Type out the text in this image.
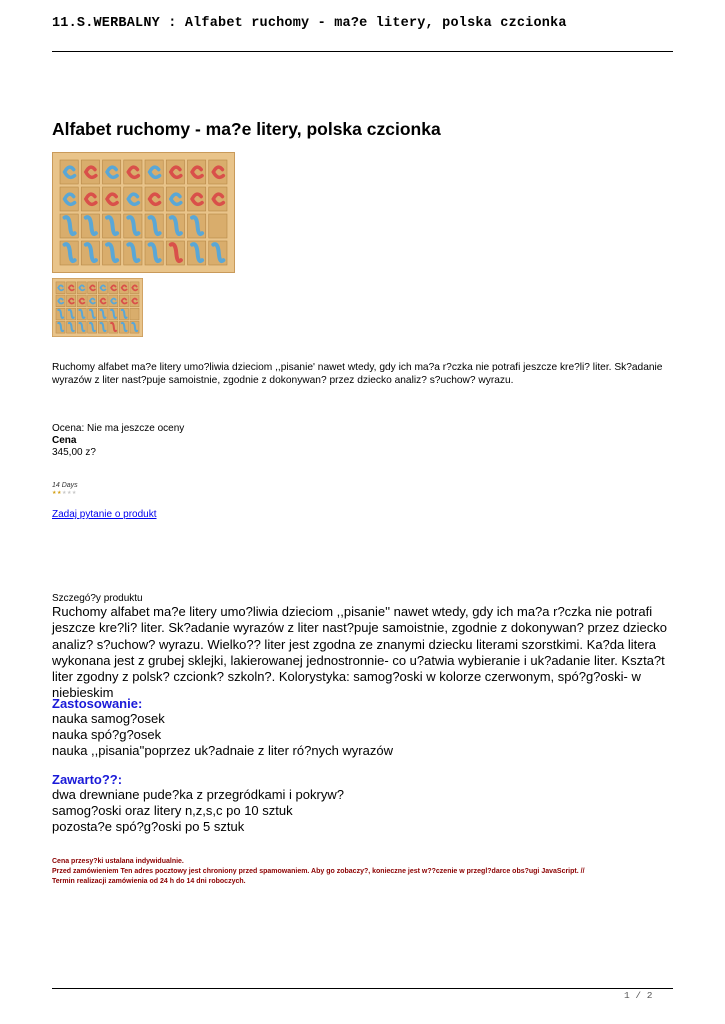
11.S.WERBALNY : Alfabet ruchomy - ma?e litery, polska czcionka
Alfabet ruchomy - ma?e litery, polska czcionka

Ruchomy alfabet ma?e litery umo?liwia dzieciom ,,pisanie' nawet wtedy, gdy ich ma?a r?czka nie potrafi jeszcze kre?li? liter. Sk?adanie wyrazów z liter nast?puje samoistnie, zgodnie z dokonywan? przez dziecko analiz? s?uchow? wyrazu.

Ocena: Nie ma jeszcze oceny
Cena
345,00 z?
14 Days
★★★★★
Zadaj pytanie o produkt
Szczegó?y produktu
Ruchomy alfabet ma?e litery umo?liwia dzieciom ,,pisanie'' nawet wtedy, gdy ich ma?a r?czka nie potrafi jeszcze kre?li? liter. Sk?adanie wyrazów z liter nast?puje samoistnie, zgodnie z dokonywan? przez dziecko analiz? s?uchow? wyrazu. Wielko?? liter jest zgodna ze znanymi dziecku literami szorstkimi. Ka?da litera wykonana jest z grubej sklejki, lakierowanej jednostronnie- co u?atwia wybieranie i uk?adanie liter. Kszta?t liter zgodny z polsk? czcionk? szkoln?. Kolorystyka: samog?oski w kolorze czerwonym, spó?g?oski- w niebieskim
Zastosowanie:
nauka samog?osek
nauka spó?g?osek
nauka ,,pisania''poprzez uk?adnaie z liter ró?nych wyrazów
Zawarto??:
dwa drewniane pude?ka z przegródkami i pokryw?
samog?oski oraz litery n,z,s,c po 10 sztuk
pozosta?e spó?g?oski po 5 sztuk
Cena przesy?ki ustalana indywidualnie.
Przed zamówieniem Ten adres pocztowy jest chroniony przed spamowaniem. Aby go zobaczy?, konieczne jest w??czenie w przegl?darce obs?ugi JavaScript. //
Termin realizacji zamówienia od 24 h do 14 dni roboczych.
1 / 2
